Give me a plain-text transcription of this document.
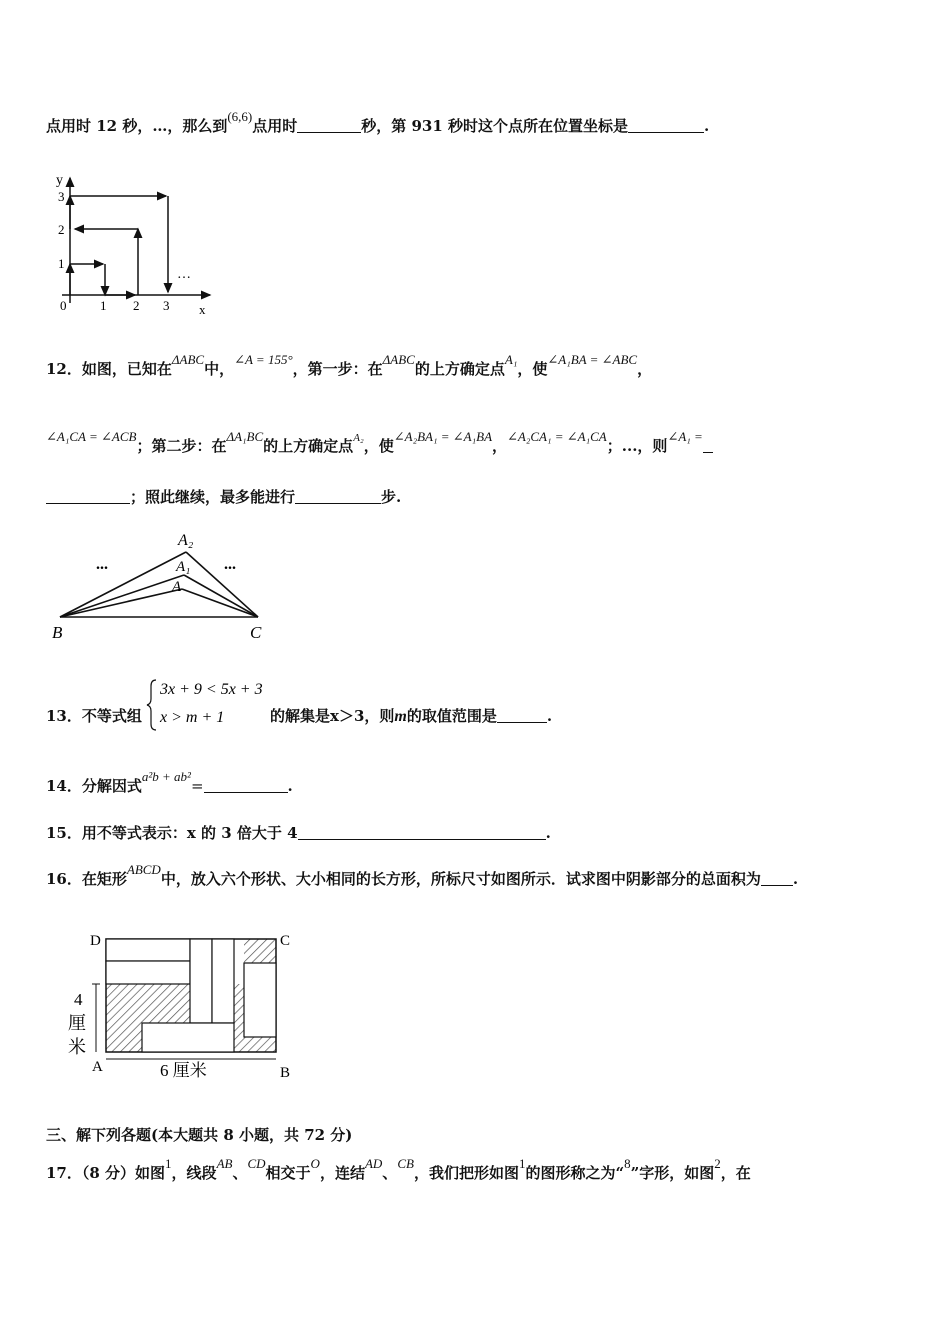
点用时 12 秒，…，那么到(6,6)点用时	秒，第 931 秒时这个点所在位置坐标是	.
y
3
2
1
0	1 2 3 x
…
12．如图，已知在ΔABC中，∠A = 155°，第一步：在ΔABC的上方确定点A₁，使∠A₁BA = ∠ABC，
∠A₁CA = ∠ACB；第二步：在ΔA₁BC的上方确定点$^{A_2}$，使∠A₂BA₁ = ∠A₁BA，∠A₂CA₁ = ∠A₁CA；...，则∠A₁ =
；照此继续，最多能进行	步.
A₂
A₁
A
B	C
...	...
13．不等式组
3x + 9 < 5x + 3
x > m + 1	的解集是x＞3，则m的取值范围是	.
14．分解因式a²b + ab²=	.
15．用不等式表示：x 的 3 倍大于 4	.
16．在矩形ABCD中，放入六个形状、大小相同的长方形，所标尺寸如图所示．试求图中阴影部分的总面积为 .
D	C
A	B
4
厘
米
6 厘米
三、解下列各题(本大题共 8 小题，共 72 分)
17．（8 分）如图1，线段AB、CD相交于O，连结AD、CB，我们把形如图1的图形称之为“8”字形，如图2，在
